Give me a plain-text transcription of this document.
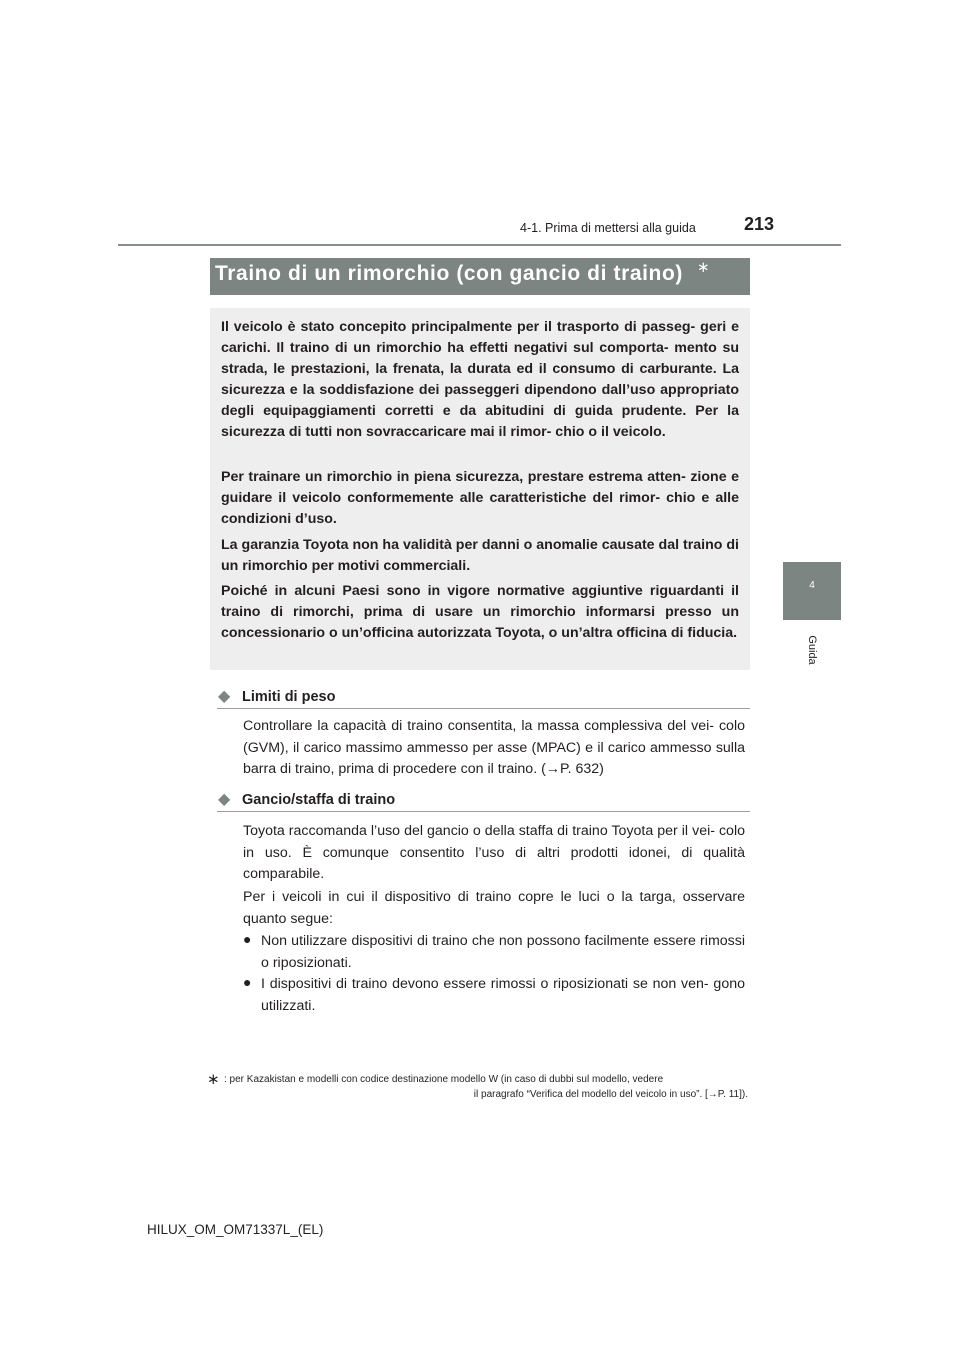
4-1. Prima di mettersi alla guida	213
4
Guida
Traino di un rimorchio (con gancio di traino) ∗

Il veicolo è stato concepito principalmente per il trasporto di passeg- geri e carichi. Il traino di un rimorchio ha effetti negativi sul comporta- mento su strada, le prestazioni, la frenata, la durata ed il consumo di carburante. La sicurezza e la soddisfazione dei passeggeri dipendono dall’uso appropriato degli equipaggiamenti corretti e da abitudini di guida prudente. Per la sicurezza di tutti non sovraccaricare mai il rimor- chio o il veicolo.

Per trainare un rimorchio in piena sicurezza, prestare estrema atten- zione e guidare il veicolo conformemente alle caratteristiche del rimor- chio e alle condizioni d’uso.

La garanzia Toyota non ha validità per danni o anomalie causate dal traino di un rimorchio per motivi commerciali.

Poiché in alcuni Paesi sono in vigore normative aggiuntive riguardanti il traino di rimorchi, prima di usare un rimorchio informarsi presso un concessionario o un’officina autorizzata Toyota, o un’altra officina di fiducia.

◆ Limiti di peso

Controllare la capacità di traino consentita, la massa complessiva del vei- colo (GVM), il carico massimo ammesso per asse (MPAC) e il carico ammesso sulla barra di traino, prima di procedere con il traino. (→P. 632)

◆ Gancio/staffa di traino

Toyota raccomanda l’uso del gancio o della staffa di traino Toyota per il vei- colo in uso. È comunque consentito l’uso di altri prodotti idonei, di qualità comparabile.

Per i veicoli in cui il dispositivo di traino copre le luci o la targa, osservare quanto segue:

● Non utilizzare dispositivi di traino che non possono facilmente essere rimossi o riposizionati.

● I dispositivi di traino devono essere rimossi o riposizionati se non ven- gono utilizzati.

∗ : per Kazakistan e modelli con codice destinazione modello W (in caso di dubbi sul modello, vedere
il paragrafo “Verifica del modello del veicolo in uso”. [→P. 11]).
HILUX_OM_OM71337L_(EL)
